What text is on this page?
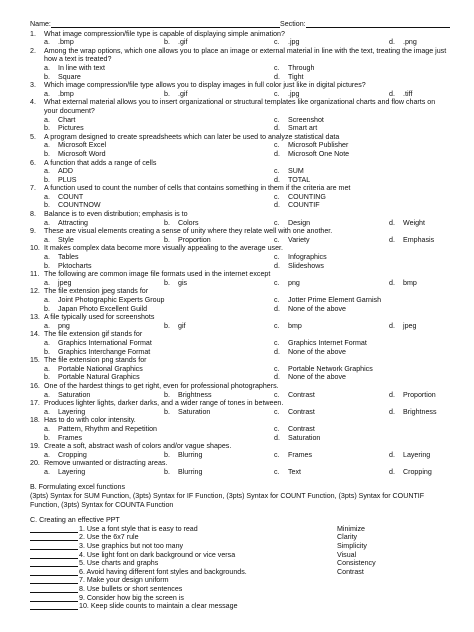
Name:	Section:
1.	What image compression/file type is capable of displaying simple animation?
a.	.bmp	b.	.gif	c.	.jpg	d.	.png
2.	Among the wrap options, which one allows you to place an image or external material in line with the text, treating the image just how a text is treated?
a.	In line with text	c.	Through
b.	Square	d.	Tight
3.	Which image compression/file type allows you to display images in full color just like in digital pictures?
a.	.bmp	b.	.gif	c.	.jpg	d.	.tiff
4.	What external material allows you to insert organizational or structural templates like organizational charts and flow charts on your document?
a.	Chart	c.	Screenshot
b.	Pictures	d.	Smart art
5.	A program designed to create spreadsheets which can later be used to analyze statistical data
a.	Microsoft Excel	c.	Microsoft Publisher
b.	Microsoft Word	d.	Microsoft One Note
6.	A function that adds a range of cells
a.	ADD	c.	SUM
b.	PLUS	d.	TOTAL
7.	A function used to count the number of cells that contains something in them if the criteria are met
a.	COUNT	c.	COUNTING
b.	COUNTNOW	d.	COUNTIF
8.	Balance is to even distribution; emphasis is to
a.	Attracting	b.	Colors	c.	Design	d.	Weight
9.	These are visual elements creating a sense of unity where they relate well with one another.
a.	Style	b.	Proportion	c.	Variety	d.	Emphasis
10. It makes complex data become more visually appealing to the average user.
a.	Tables	c.	Infographics
b.	Pktocharts	d.	Slideshows
11. The following are common image file formats used in the internet except
a.	jpeg	b.	gis	c.	png	d.	bmp
12. The file extension jpeg stands for
a.	Joint Photographic Experts Group	c.	Jotter Prime Element Garnish
b.	Japan Photo Excellent Guild	d.	None of the above
13. A file typically used for screenshots
a.	png	b.	gif	c.	bmp	d.	jpeg
14. The file extension gif stands for
a.	Graphics International Format	c.	Graphics Internet Format
b.	Graphics Interchange Format	d.	None of the above
15. The file extension png stands for
a.	Portable National Graphics	c.	Portable Network Graphics
b.	Portable Natural Graphics	d.	None of the above
16. One of the hardest things to get right, even for professional photographers.
a.	Saturation	b.	Brightness	c.	Contrast	d.	Proportion
17. Produces lighter lights, darker darks, and a wider range of tones in between.
a.	Layering	b.	Saturation	c.	Contrast	d.	Brightness
18. Has to do with color intensity.
a.	Pattern, Rhythm and Repetition	c.	Contrast
b.	Frames	d.	Saturation
19. Create a soft, abstract wash of colors and/or vague shapes.
a.	Cropping	b.	Blurring	c.	Frames	d.	Layering
20. Remove unwanted or distracting areas.
a.	Layering	b.	Blurring	c.	Text	d.	Cropping
B. Formulating excel functions
(3pts) Syntax for SUM Function, (3pts) Syntax for IF Function, (3pts) Syntax for COUNT Function, (3pts) Syntax for COUNTIF Function, (3pts) Syntax for COUNTA Function
C. Creating an effective PPT
1. Use a font style that is easy to read	Minimize
2. Use the 6x7 rule	Clarity
3. Use graphics but not too many	Simplicity
4. Use light font on dark background or vice versa	Visual
5. Use charts and graphs	Consistency
6. Avoid having different font styles and backgrounds.	Contrast
7. Make your design uniform
8. Use bullets or short sentences
9. Consider how big the screen is
10. Keep slide counts to maintain a clear message
